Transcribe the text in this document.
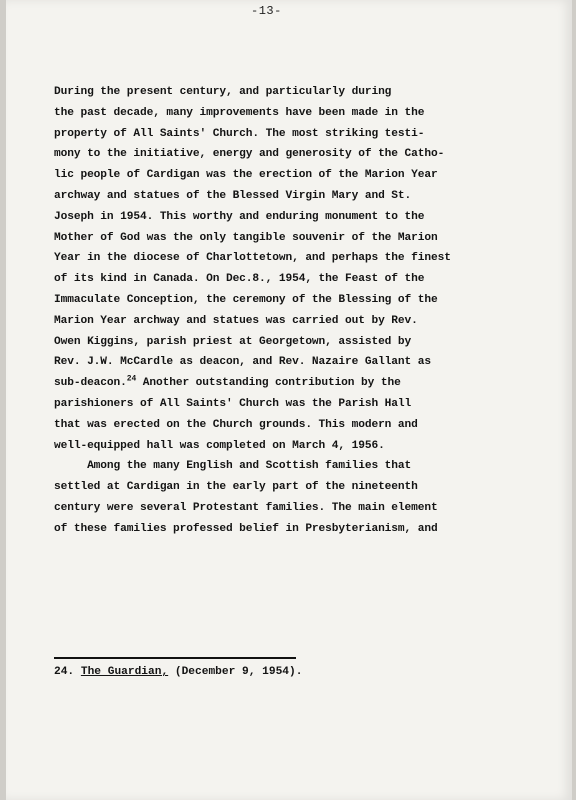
-13-
During the present century, and particularly during
the past decade, many improvements have been made in the
property of All Saints' Church. The most striking testi-
mony to the initiative, energy and generosity of the Catho-
lic people of Cardigan was the erection of the Marion Year
archway and statues of the Blessed Virgin Mary and St.
Joseph in 1954. This worthy and enduring monument to the
Mother of God was the only tangible souvenir of the Marion
Year in the diocese of Charlottetown, and perhaps the finest
of its kind in Canada. On Dec.8., 1954, the Feast of the
Immaculate Conception, the ceremony of the Blessing of the
Marion Year archway and statues was carried out by Rev.
Owen Kiggins, parish priest at Georgetown, assisted by
Rev. J.W. McCardle as deacon, and Rev. Nazaire Gallant as
sub-deacon.$^{24}$ Another outstanding contribution by the
parishioners of All Saints' Church was the Parish Hall
that was erected on the Church grounds. This modern and
well-equipped hall was completed on March 4, 1956.
Among the many English and Scottish families that
settled at Cardigan in the early part of the nineteenth
century were several Protestant families. The main element
of these families professed belief in Presbyterianism, and
24. The Guardian, (December 9, 1954).
